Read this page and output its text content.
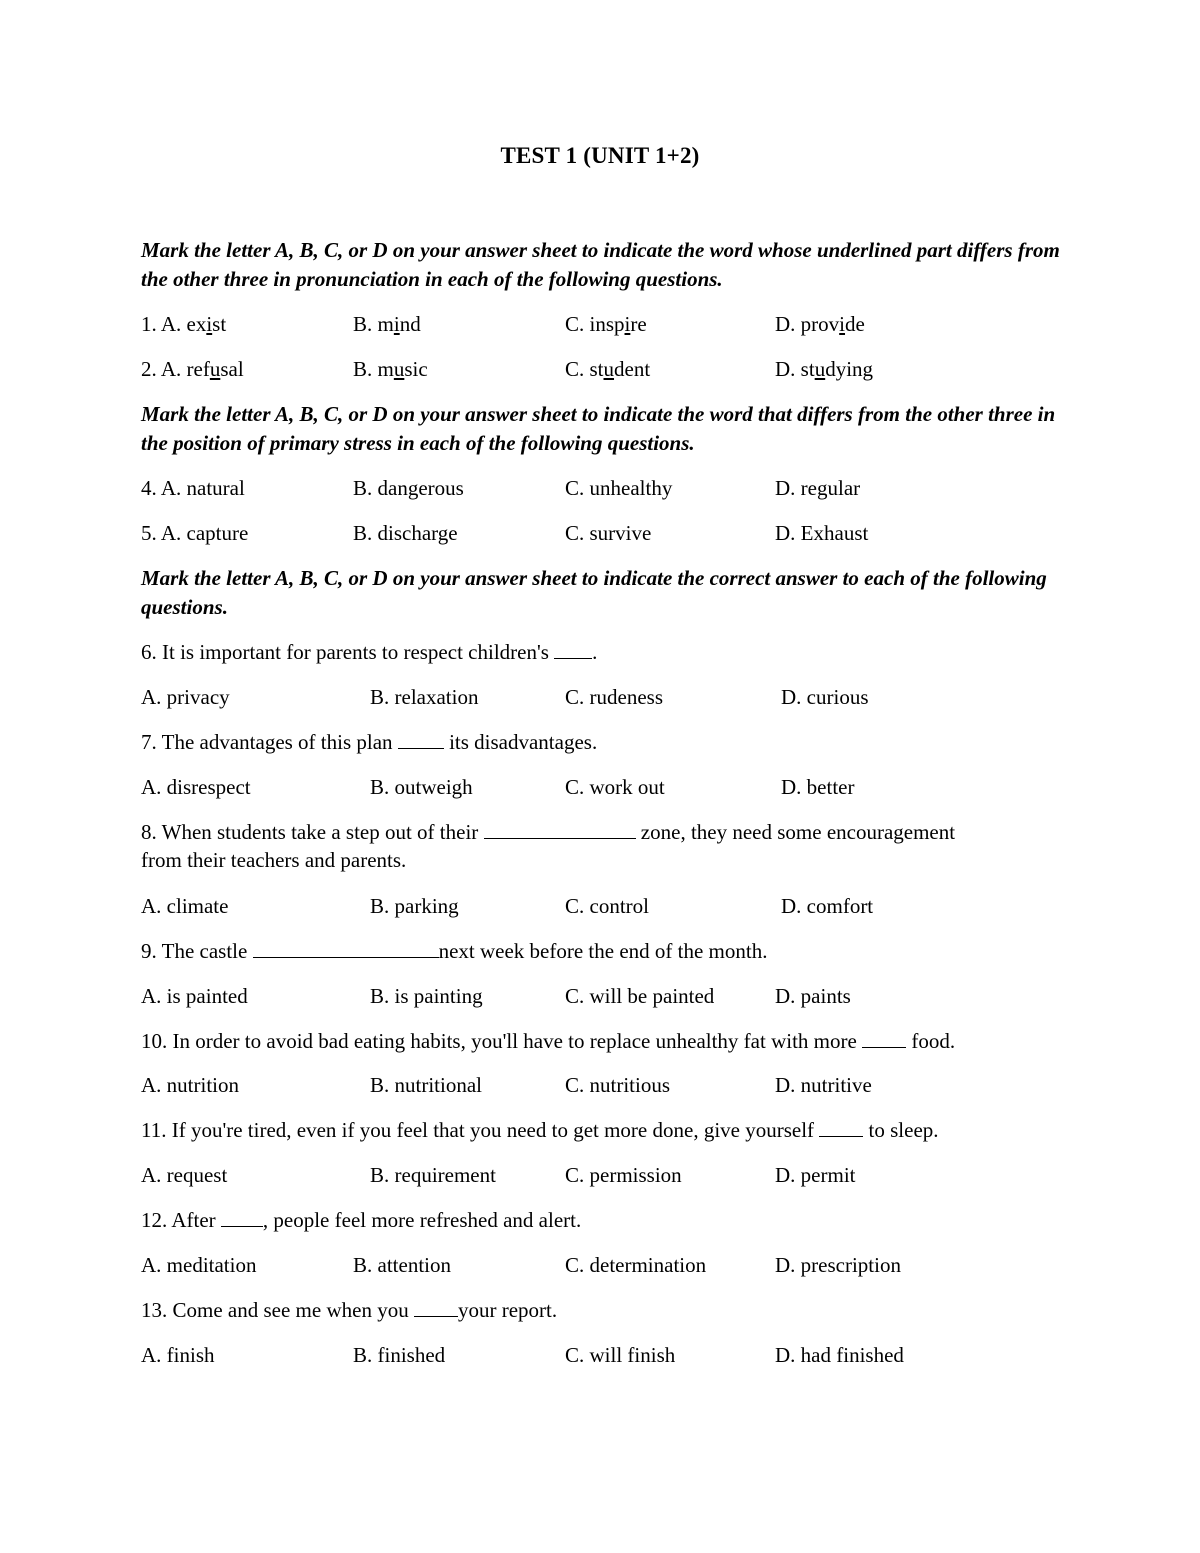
TEST 1 (UNIT 1+2)

Mark the letter A, B, C, or D on your answer sheet to indicate the word whose underlined part differs from the other three in pronunciation in each of the following questions.

1. A. exist	B. mind	C. inspire	D. provide
2. A. refusal	B. music	C. student	D. studying

Mark the letter A, B, C, or D on your answer sheet to indicate the word that differs from the other three in the position of primary stress in each of the following questions.

4. A. natural	B. dangerous	C. unhealthy	D. regular
5. A. capture	B. discharge	C. survive	D. Exhaust

Mark the letter A, B, C, or D on your answer sheet to indicate the correct answer to each of the following questions.

6. It is important for parents to respect children's .
A. privacy	B. relaxation	C. rudeness	D. curious
7. The advantages of this plan	its disadvantages.
A. disrespect	B. outweigh	C. work out	D. better
8. When students take a step out of their	zone, they need some encouragement
from their teachers and parents.
A. climate	B. parking	C. control	D. comfort
9. The castle	next week before the end of the month.
A. is painted	B. is painting	C. will be painted	D. paints
10. In order to avoid bad eating habits, you'll have to replace unhealthy fat with more	food.
A. nutrition	B. nutritional	C. nutritious	D. nutritive
11. If you're tired, even if you feel that you need to get more done, give yourself	to sleep.
A. request	B. requirement	C. permission	D. permit
12. After , people feel more refreshed and alert.
A. meditation	B. attention	C. determination	D. prescription
13. Come and see me when you your report.
A. finish	B. finished	C. will finish	D. had finished
